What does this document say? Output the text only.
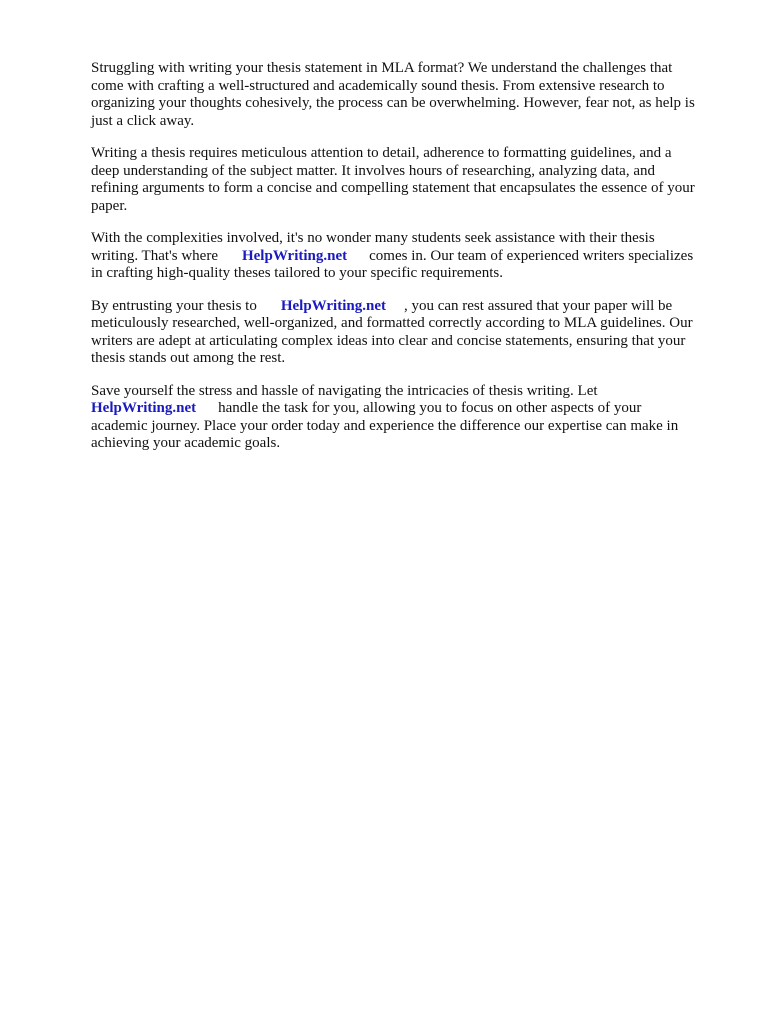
Struggling with writing your thesis statement in MLA format? We understand the challenges that
come with crafting a well-structured and academically sound thesis. From extensive research to
organizing your thoughts cohesively, the process can be overwhelming. However, fear not, as help is
just a click away.

Writing a thesis requires meticulous attention to detail, adherence to formatting guidelines, and a
deep understanding of the subject matter. It involves hours of researching, analyzing data, and
refining arguments to form a concise and compelling statement that encapsulates the essence of your
paper.

With the complexities involved, it's no wonder many students seek assistance with their thesis
writing. That's where HelpWriting.net comes in. Our team of experienced writers specializes
in crafting high-quality theses tailored to your specific requirements.

By entrusting your thesis to HelpWriting.net , you can rest assured that your paper will be
meticulously researched, well-organized, and formatted correctly according to MLA guidelines. Our
writers are adept at articulating complex ideas into clear and concise statements, ensuring that your
thesis stands out among the rest.

Save yourself the stress and hassle of navigating the intricacies of thesis writing. Let
HelpWriting.net handle the task for you, allowing you to focus on other aspects of your
academic journey. Place your order today and experience the difference our expertise can make in
achieving your academic goals.
